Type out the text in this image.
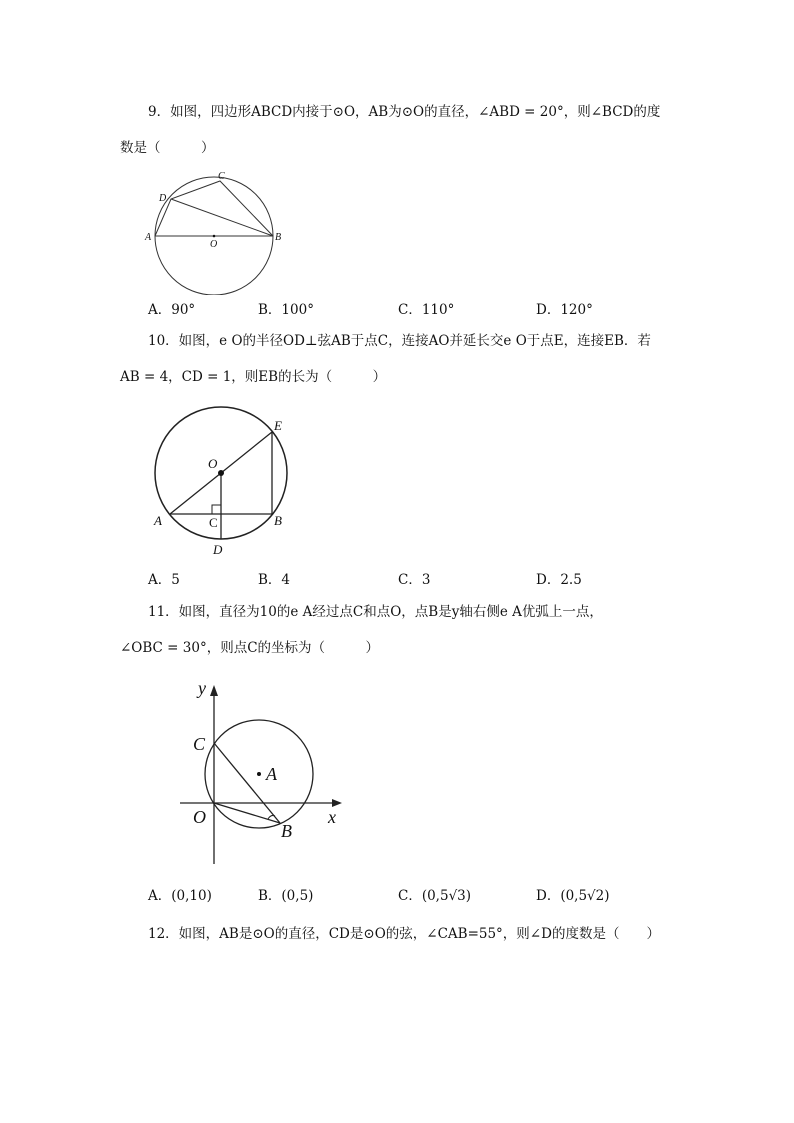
9．如图，四边形ABCD内接于⊙O，AB为⊙O的直径，∠ABD = 20°，则∠BCD的度
数是（　　　）
A	B
C
D
O
A．90°	B．100°	C．110°	D．120°
10．如图，e O的半径OD⊥弦AB于点C，连接AO并延长交e O于点E，连接EB．若
AB = 4，CD = 1，则EB的长为（　　　）
A	B
C
D
E
O
A．5	B．4	C．3	D．2.5
11．如图，直径为10的e A经过点C和点O，点B是y轴右侧e A优弧上一点，
∠OBC = 30°，则点C的坐标为（　　　）
y
x
C
A
O
B
A．(0,10)	B．(0,5)	C．(0,5√3)	D．(0,5√2)
12．如图，AB是⊙O的直径，CD是⊙O的弦，∠CAB=55°，则∠D的度数是（　　）
